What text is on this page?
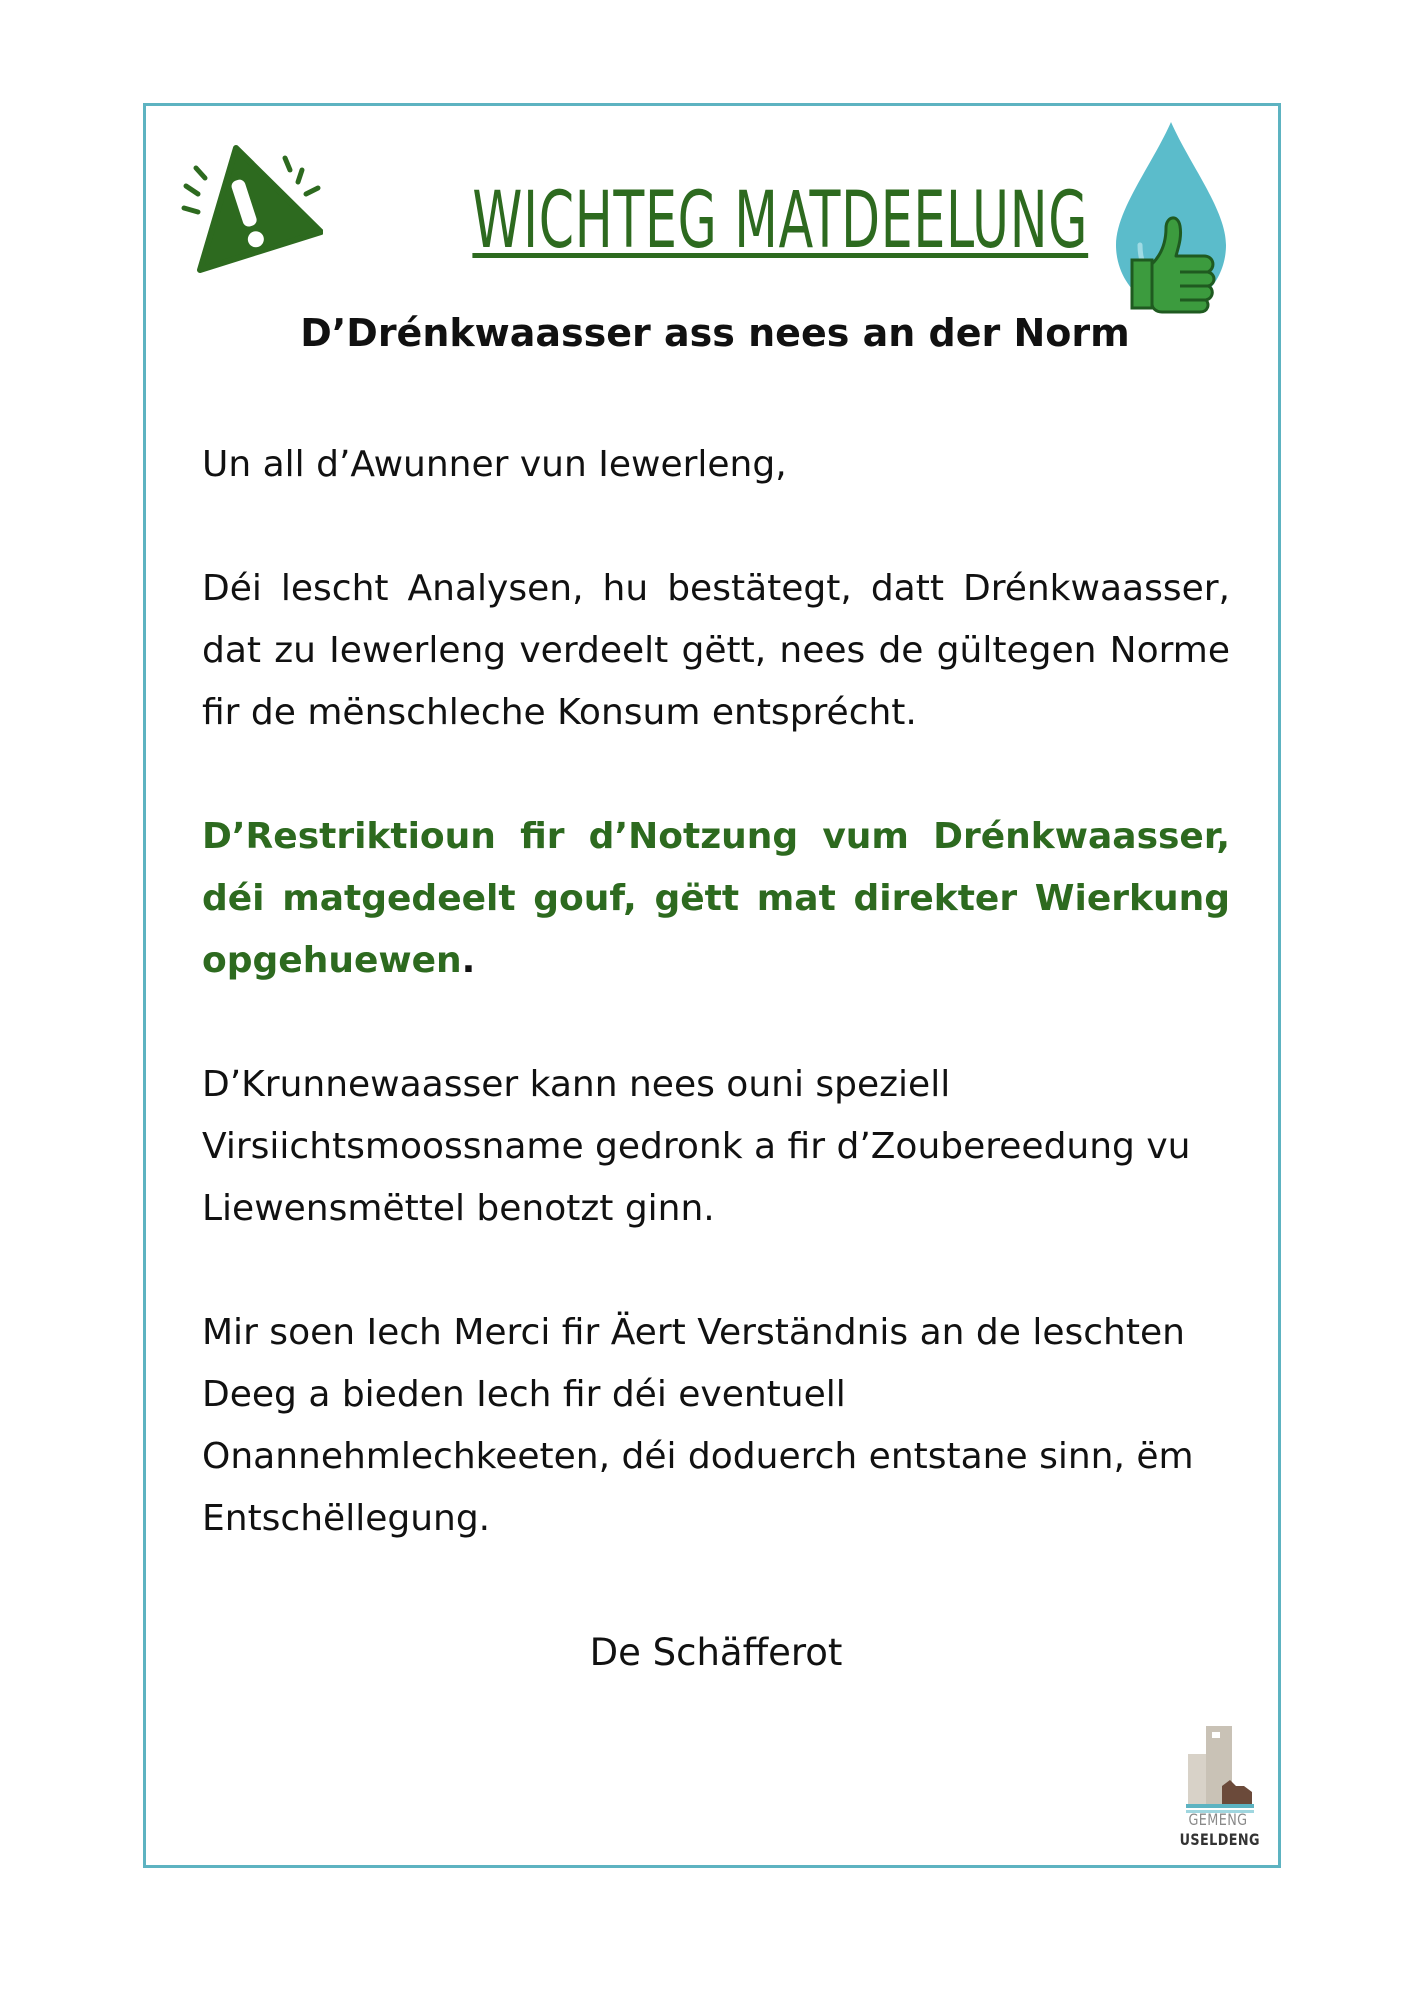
WICHTEG MATDEELUNG
D’Drénkwaasser ass nees an der Norm

Un all d’Awunner vun Iewerleng,

Déi lescht Analysen, hu bestätegt, datt Drénkwaasser, dat zu Iewerleng verdeelt gëtt, nees de gültegen Norme fir de mënschleche Konsum entsprécht.

D’Restriktioun fir d’Notzung vum Drénkwaasser, déi matgedeelt gouf, gëtt mat direkter Wierkung opgehuewen.

D’Krunnewaasser kann nees ouni speziell Virsiichtsmoossname gedronk a fir d’Zoubereedung vu Liewensmëttel benotzt ginn.

Mir soen Iech Merci fir Äert Verständnis an de leschten Deeg a bieden Iech fir déi eventuell Onannehmlechkeeten, déi doduerch entstane sinn, ëm Entschëllegung.

De Schäfferot
GEMENG
USELDENG
